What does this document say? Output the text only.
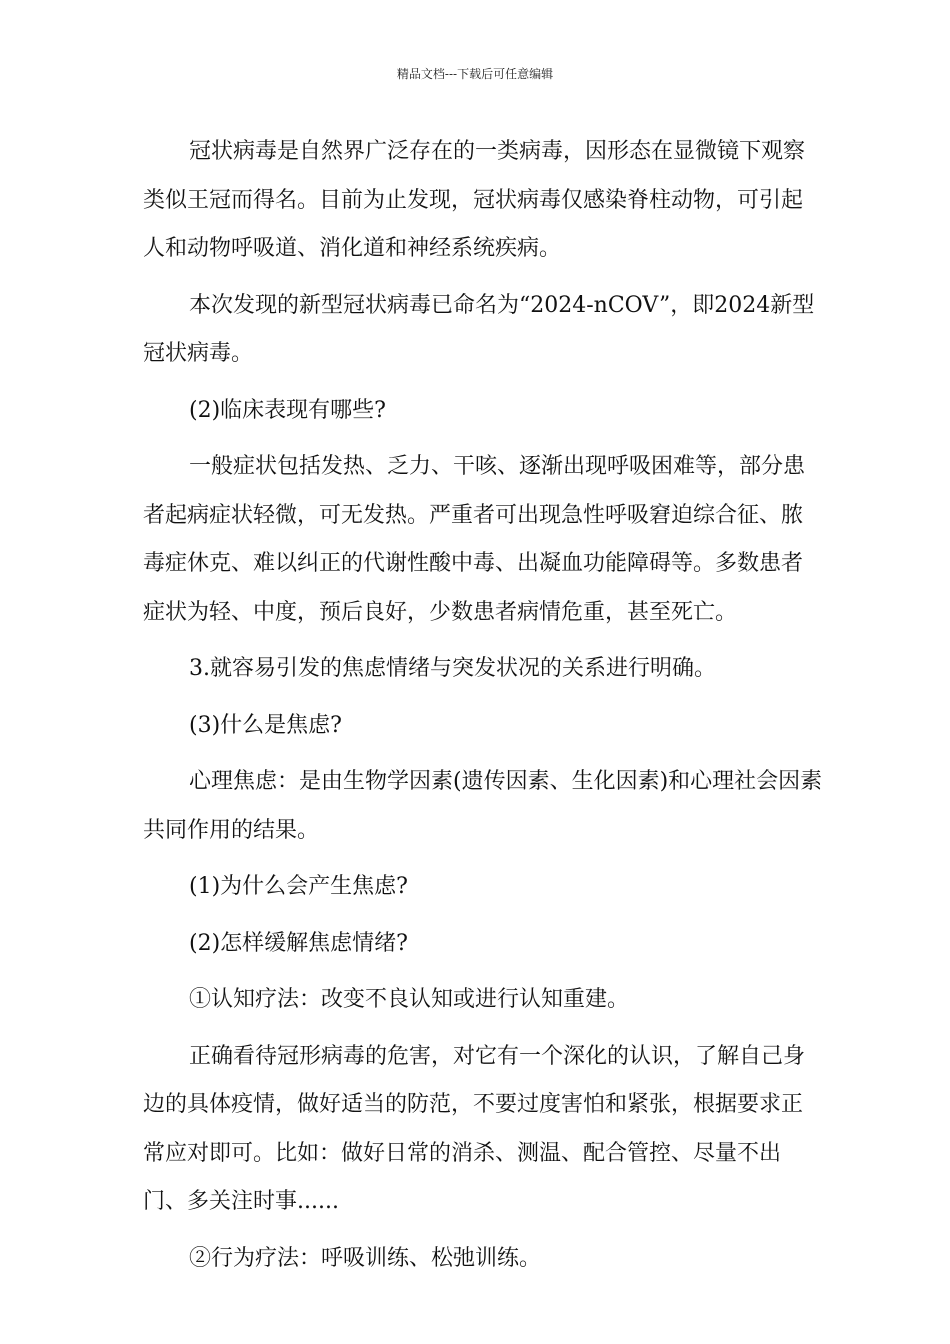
精品文档---下载后可任意编辑

冠状病毒是自然界广泛存在的一类病毒，因形态在显微镜下观察类似王冠而得名。目前为止发现，冠状病毒仅感染脊柱动物，可引起人和动物呼吸道、消化道和神经系统疾病。

本次发现的新型冠状病毒已命名为“2024-nCOV”，即2024新型冠状病毒。

(2)临床表现有哪些?

一般症状包括发热、乏力、干咳、逐渐出现呼吸困难等，部分患者起病症状轻微，可无发热。严重者可出现急性呼吸窘迫综合征、脓毒症休克、难以纠正的代谢性酸中毒、出凝血功能障碍等。多数患者症状为轻、中度，预后良好，少数患者病情危重，甚至死亡。

3.就容易引发的焦虑情绪与突发状况的关系进行明确。

(3)什么是焦虑?

心理焦虑：是由生物学因素(遗传因素、生化因素)和心理社会因素共同作用的结果。

(1)为什么会产生焦虑?

(2)怎样缓解焦虑情绪?

①认知疗法：改变不良认知或进行认知重建。

正确看待冠形病毒的危害，对它有一个深化的认识，了解自己身边的具体疫情，做好适当的防范，不要过度害怕和紧张，根据要求正常应对即可。比如：做好日常的消杀、测温、配合管控、尽量不出门、多关注时事......

②行为疗法：呼吸训练、松弛训练。
